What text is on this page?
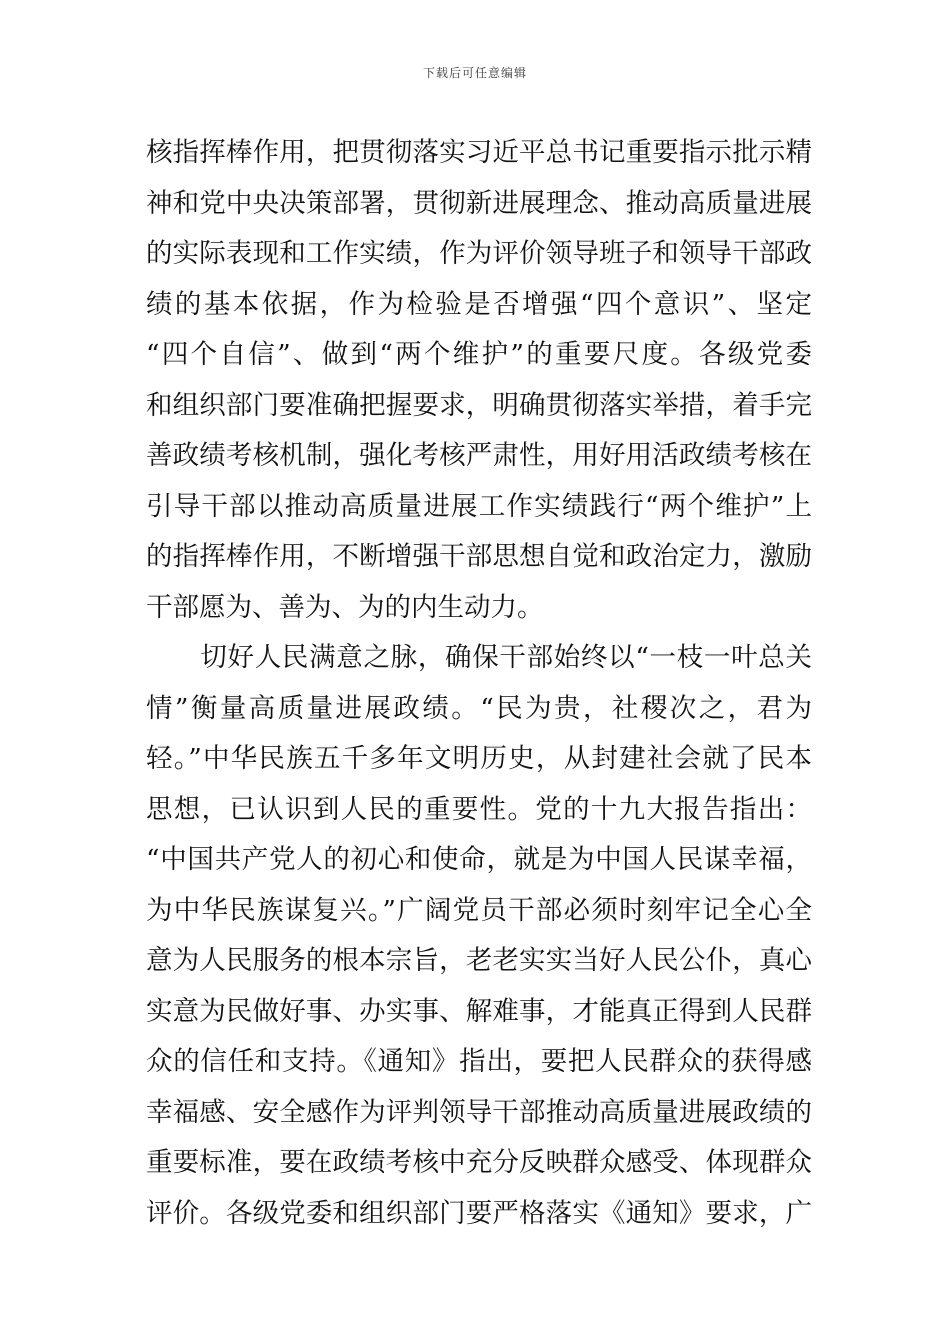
下载后可任意编辑
核指挥棒作用，把贯彻落实习近平总书记重要指示批示精
神和党中央决策部署，贯彻新进展理念、推动高质量进展
的实际表现和工作实绩，作为评价领导班子和领导干部政
绩的基本依据，作为检验是否增强“四个意识”、坚定
“四个自信”、做到“两个维护”的重要尺度。各级党委
和组织部门要准确把握要求，明确贯彻落实举措，着手完
善政绩考核机制，强化考核严肃性，用好用活政绩考核在
引导干部以推动高质量进展工作实绩践行“两个维护”上
的指挥棒作用，不断增强干部思想自觉和政治定力，激励
干部愿为、善为、为的内生动力。
　　切好人民满意之脉，确保干部始终以“一枝一叶总关
情”衡量高质量进展政绩。“民为贵，社稷次之，君为
轻。”中华民族五千多年文明历史，从封建社会就了民本
思想，已认识到人民的重要性。党的十九大报告指出：
“中国共产党人的初心和使命，就是为中国人民谋幸福，
为中华民族谋复兴。”广阔党员干部必须时刻牢记全心全
意为人民服务的根本宗旨，老老实实当好人民公仆，真心
实意为民做好事、办实事、解难事，才能真正得到人民群
众的信任和支持。《通知》指出，要把人民群众的获得感
幸福感、安全感作为评判领导干部推动高质量进展政绩的
重要标准，要在政绩考核中充分反映群众感受、体现群众
评价。各级党委和组织部门要严格落实《通知》要求，广
